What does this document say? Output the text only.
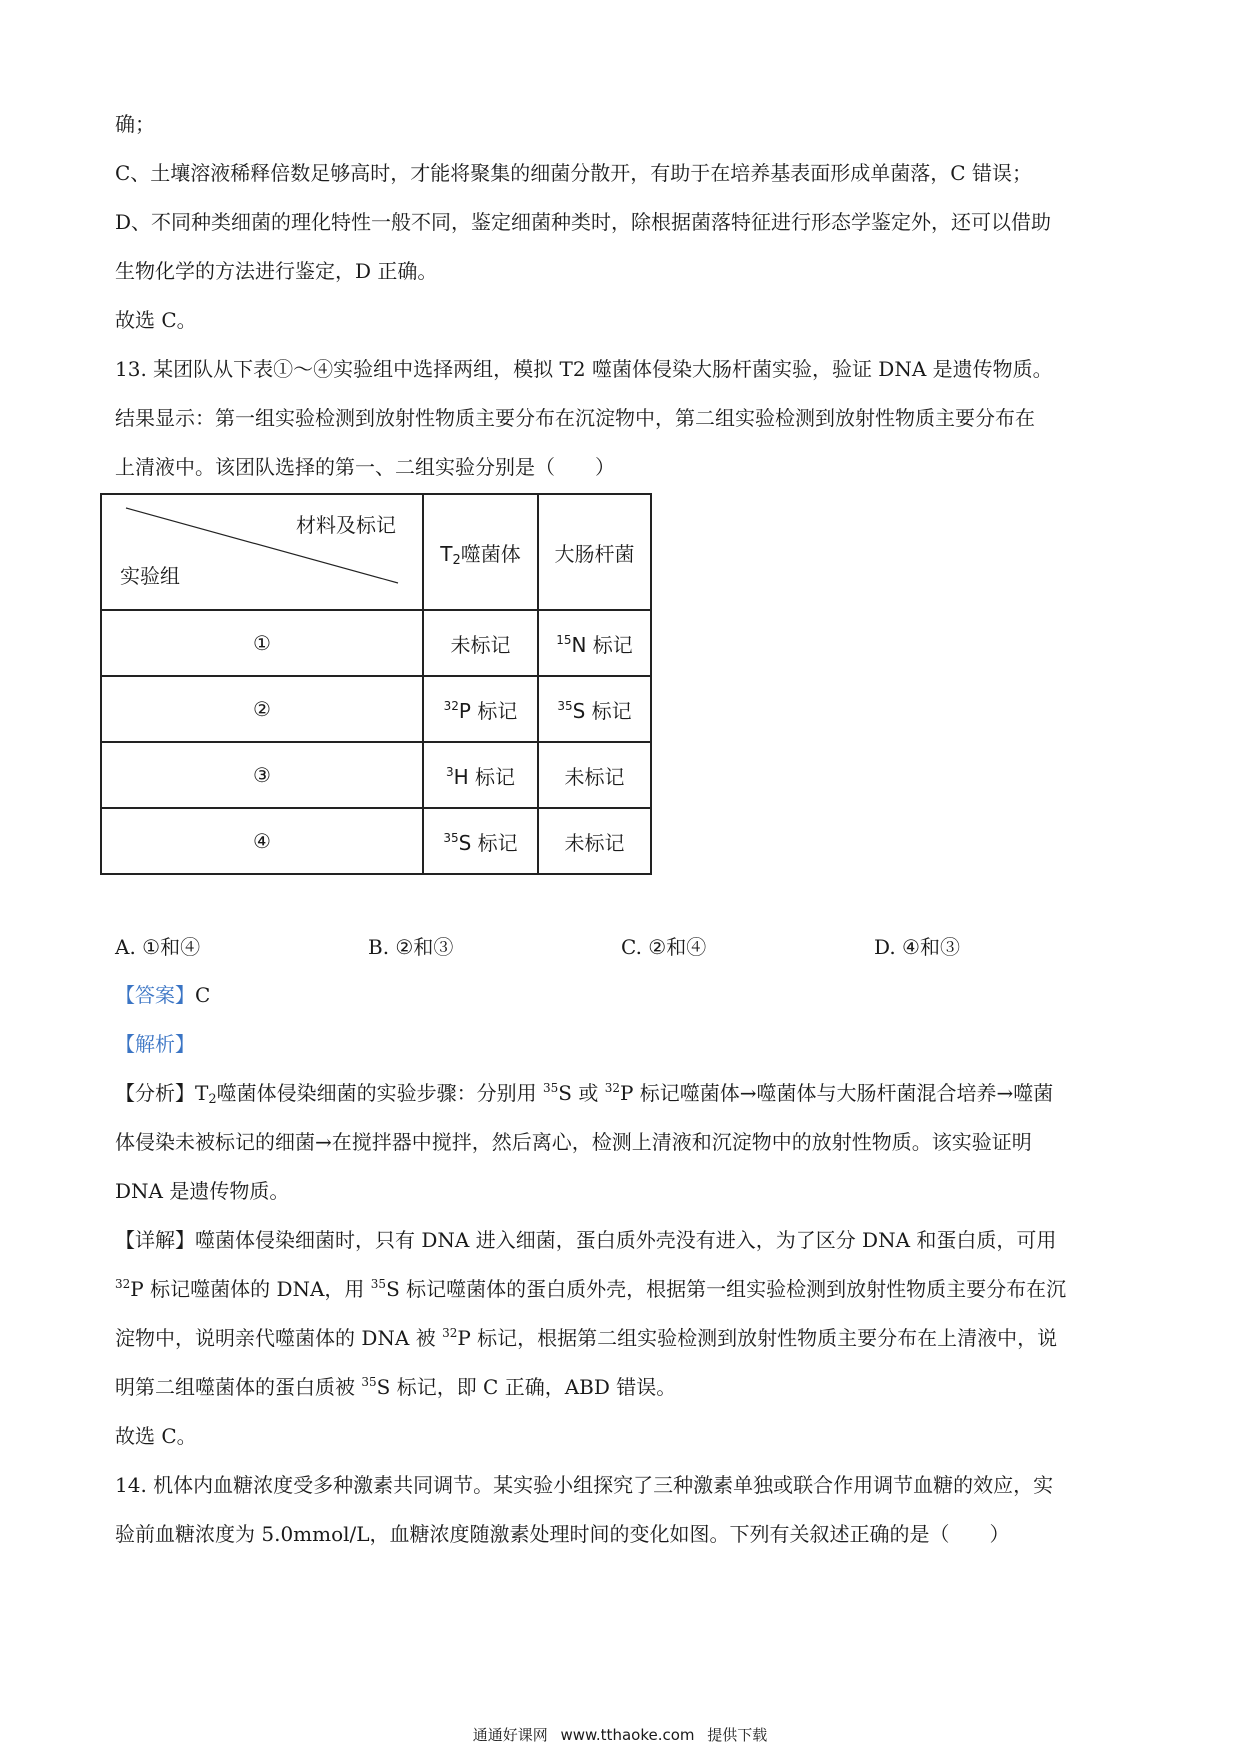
确；
C、土壤溶液稀释倍数足够高时，才能将聚集的细菌分散开，有助于在培养基表面形成单菌落，C 错误；
D、不同种类细菌的理化特性一般不同，鉴定细菌种类时，除根据菌落特征进行形态学鉴定外，还可以借助
生物化学的方法进行鉴定，D 正确。
故选 C。
13. 某团队从下表①～④实验组中选择两组，模拟 T2 噬菌体侵染大肠杆菌实验，验证 DNA 是遗传物质。
结果显示：第一组实验检测到放射性物质主要分布在沉淀物中，第二组实验检测到放射性物质主要分布在
上清液中。该团队选择的第一、二组实验分别是（　　）
材料及标记
实验组	$T_2$噬菌体	大肠杆菌
①	未标记	$^{15}$N 标记
②	$^{32}$P 标记	$^{35}$S 标记
③	$^3$H 标记	未标记
④	$^{35}$S 标记	未标记
A. ①和④	B. ②和③	C. ②和④	D. ④和③
【答案】C
【解析】
【分析】$T_2$噬菌体侵染细菌的实验步骤：分别用 $^{35}$S 或 $^{32}$P 标记噬菌体→噬菌体与大肠杆菌混合培养→噬菌
体侵染未被标记的细菌→在搅拌器中搅拌，然后离心，检测上清液和沉淀物中的放射性物质。该实验证明
DNA 是遗传物质。
【详解】噬菌体侵染细菌时，只有 DNA 进入细菌，蛋白质外壳没有进入，为了区分 DNA 和蛋白质，可用
$^{32}$P 标记噬菌体的 DNA，用 $^{35}$S 标记噬菌体的蛋白质外壳，根据第一组实验检测到放射性物质主要分布在沉
淀物中，说明亲代噬菌体的 DNA 被 $^{32}$P 标记，根据第二组实验检测到放射性物质主要分布在上清液中，说
明第二组噬菌体的蛋白质被 $^{35}$S 标记，即 C 正确，ABD 错误。
故选 C。
14. 机体内血糖浓度受多种激素共同调节。某实验小组探究了三种激素单独或联合作用调节血糖的效应，实
验前血糖浓度为 5.0mmol/L，血糖浓度随激素处理时间的变化如图。下列有关叙述正确的是（　　）
通通好课网 www.tthaoke.com 提供下载
